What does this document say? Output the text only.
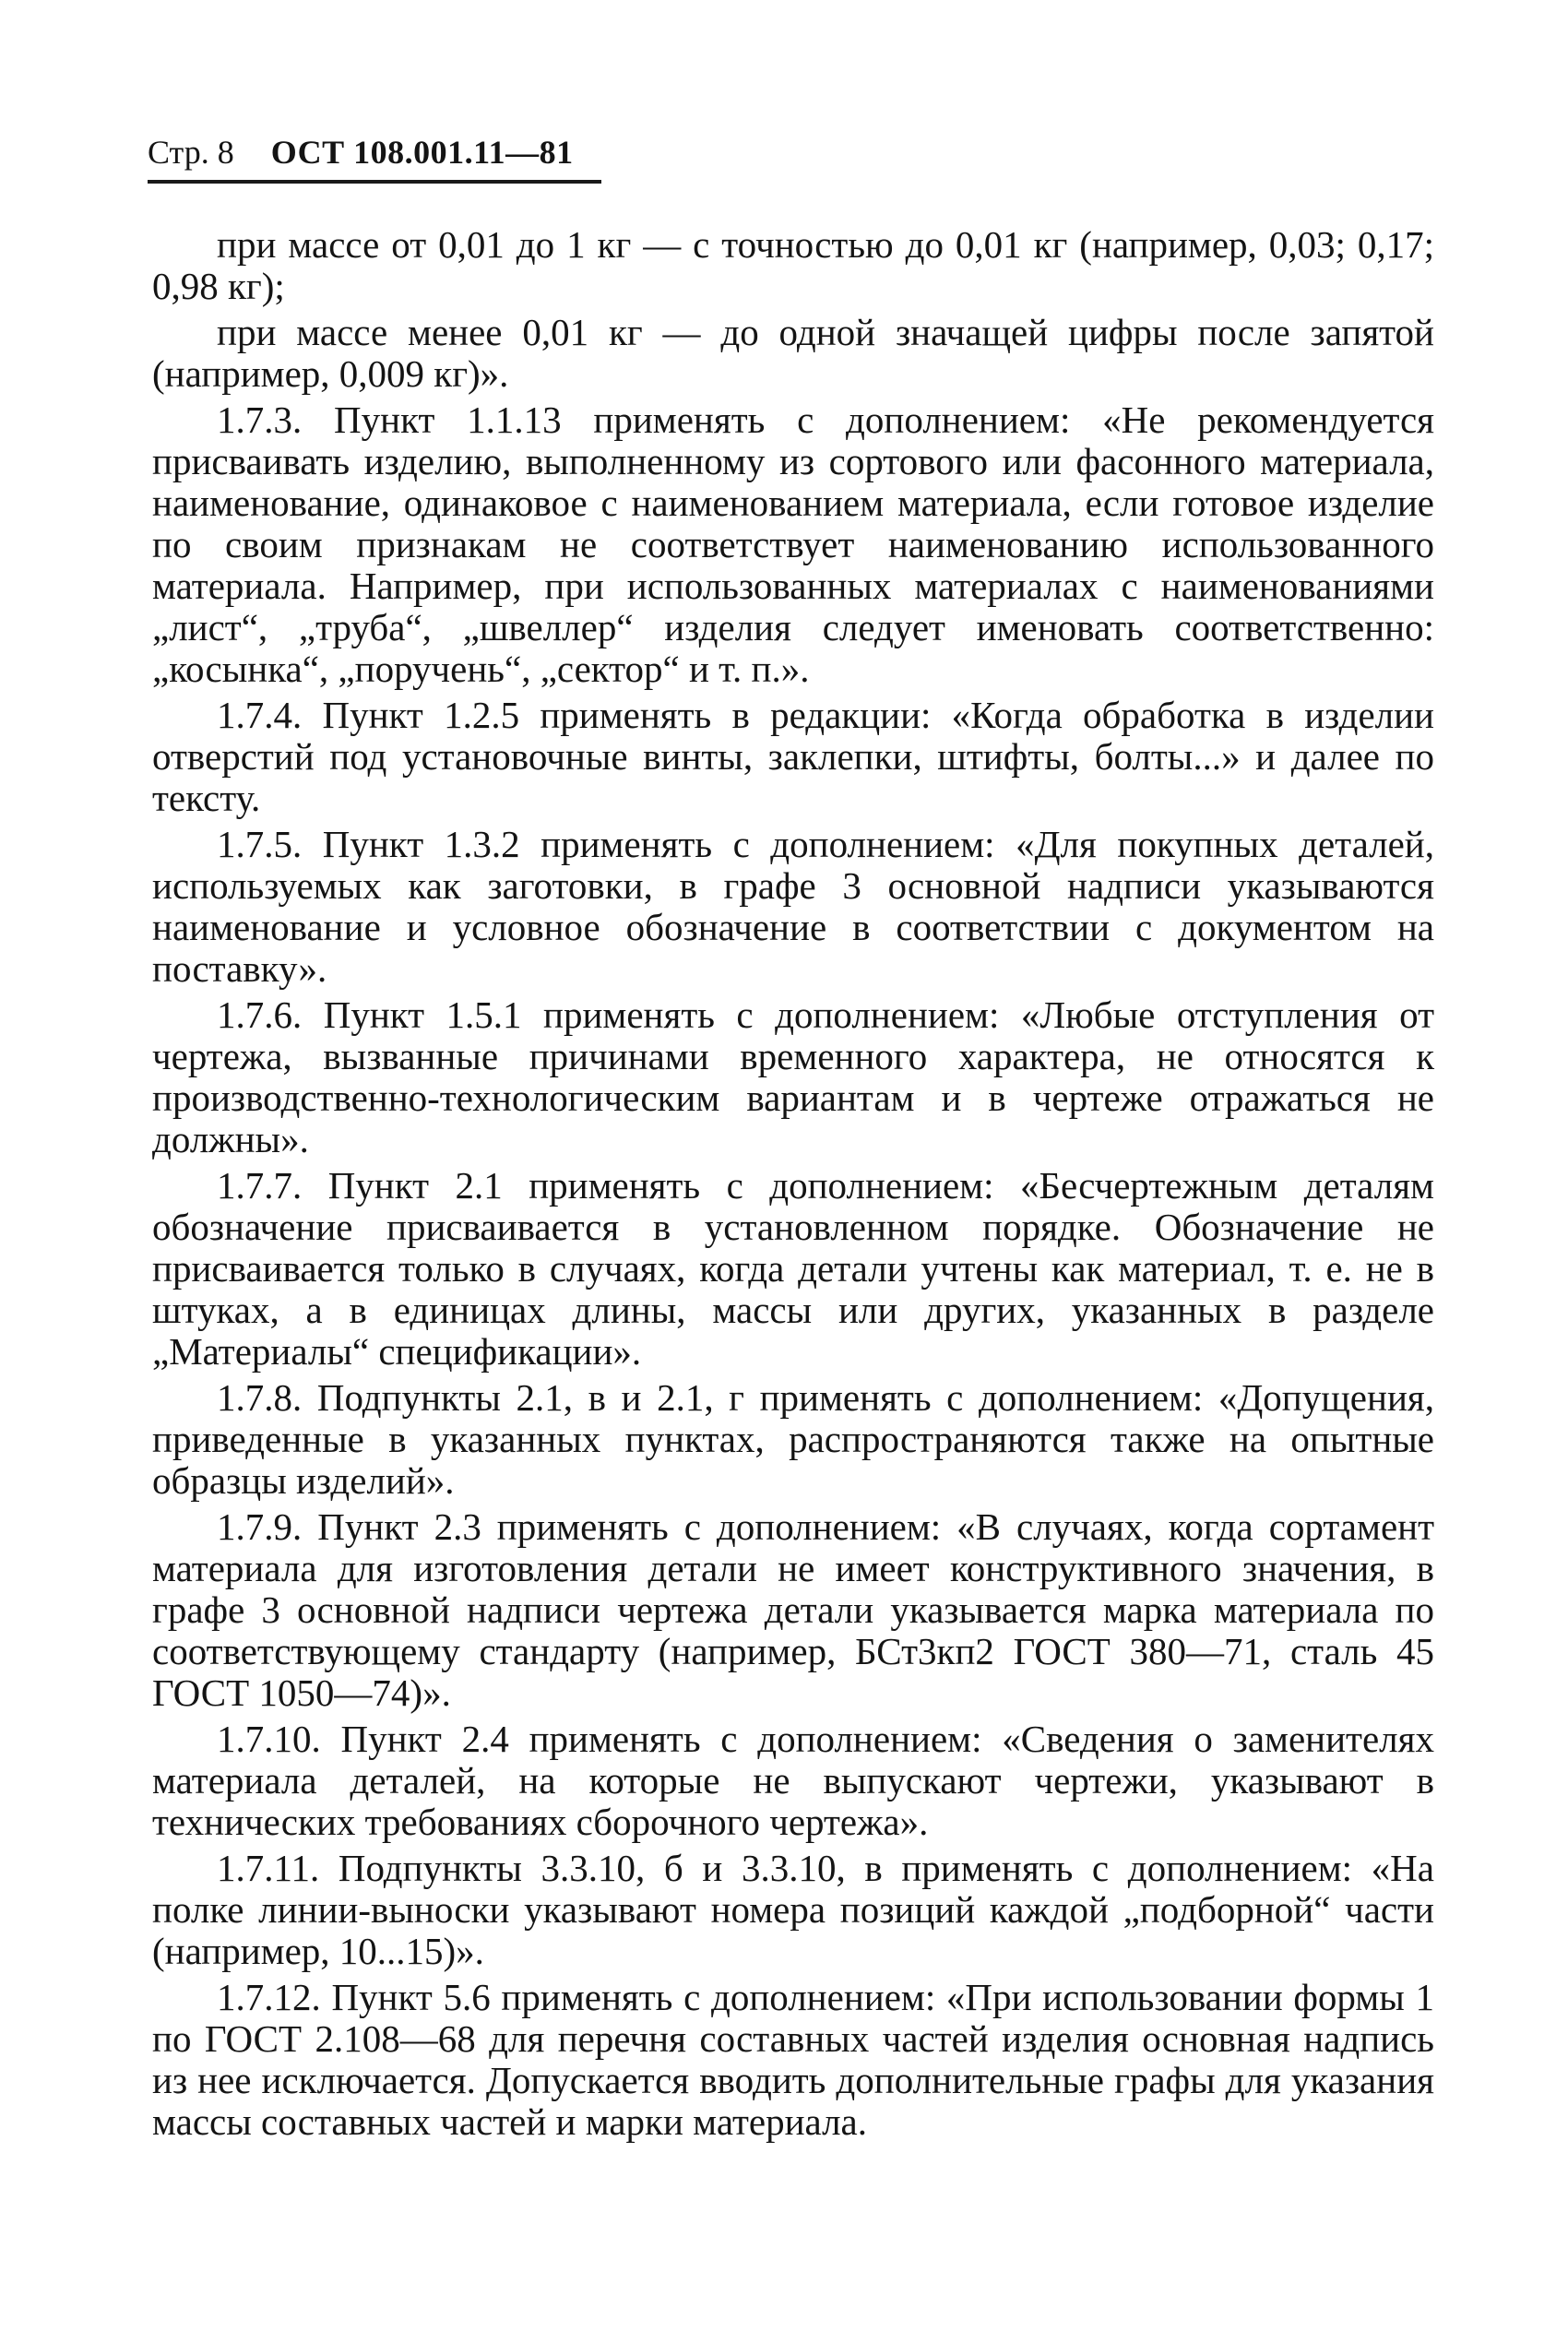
Стр. 8 ОСТ 108.001.11—81

при массе от 0,01 до 1 кг — с точностью до 0,01 кг (например, 0,03; 0,17; 0,98 кг);

при массе менее 0,01 кг — до одной значащей цифры после запятой (например, 0,009 кг)».

1.7.3. Пункт 1.1.13 применять с дополнением: «Не рекомендуется присваивать изделию, выполненному из сортового или фасонного материала, наименование, одинаковое с наименованием материала, если готовое изделие по своим признакам не соответствует наименованию использованного материала. Например, при использованных материалах с наименованиями „лист“, „труба“, „швеллер“ изделия следует именовать соответственно: „косынка“, „поручень“, „сектор“ и т. п.».

1.7.4. Пункт 1.2.5 применять в редакции: «Когда обработка в изделии отверстий под установочные винты, заклепки, штифты, болты...» и далее по тексту.

1.7.5. Пункт 1.3.2 применять с дополнением: «Для покупных деталей, используемых как заготовки, в графе 3 основной надписи указываются наименование и условное обозначение в соответствии с документом на поставку».

1.7.6. Пункт 1.5.1 применять с дополнением: «Любые отступления от чертежа, вызванные причинами временного характера, не относятся к производственно-технологическим вариантам и в чертеже отражаться не должны».

1.7.7. Пункт 2.1 применять с дополнением: «Бесчертежным деталям обозначение присваивается в установленном порядке. Обозначение не присваивается только в случаях, когда детали учтены как материал, т. е. не в штуках, а в единицах длины, массы или других, указанных в разделе „Материалы“ спецификации».

1.7.8. Подпункты 2.1, в и 2.1, г применять с дополнением: «Допущения, приведенные в указанных пунктах, распространяются также на опытные образцы изделий».

1.7.9. Пункт 2.3 применять с дополнением: «В случаях, когда сортамент материала для изготовления детали не имеет конструктивного значения, в графе 3 основной надписи чертежа детали указывается марка материала по соответствующему стандарту (например, БСт3кп2 ГОСТ 380—71, сталь 45 ГОСТ 1050—74)».

1.7.10. Пункт 2.4 применять с дополнением: «Сведения о заменителях материала деталей, на которые не выпускают чертежи, указывают в технических требованиях сборочного чертежа».

1.7.11. Подпункты 3.3.10, б и 3.3.10, в применять с дополнением: «На полке линии-выноски указывают номера позиций каждой „подборной“ части (например, 10...15)».

1.7.12. Пункт 5.6 применять с дополнением: «При использовании формы 1 по ГОСТ 2.108—68 для перечня составных частей изделия основная надпись из нее исключается. Допускается вводить дополнительные графы для указания массы составных частей и марки материала.
